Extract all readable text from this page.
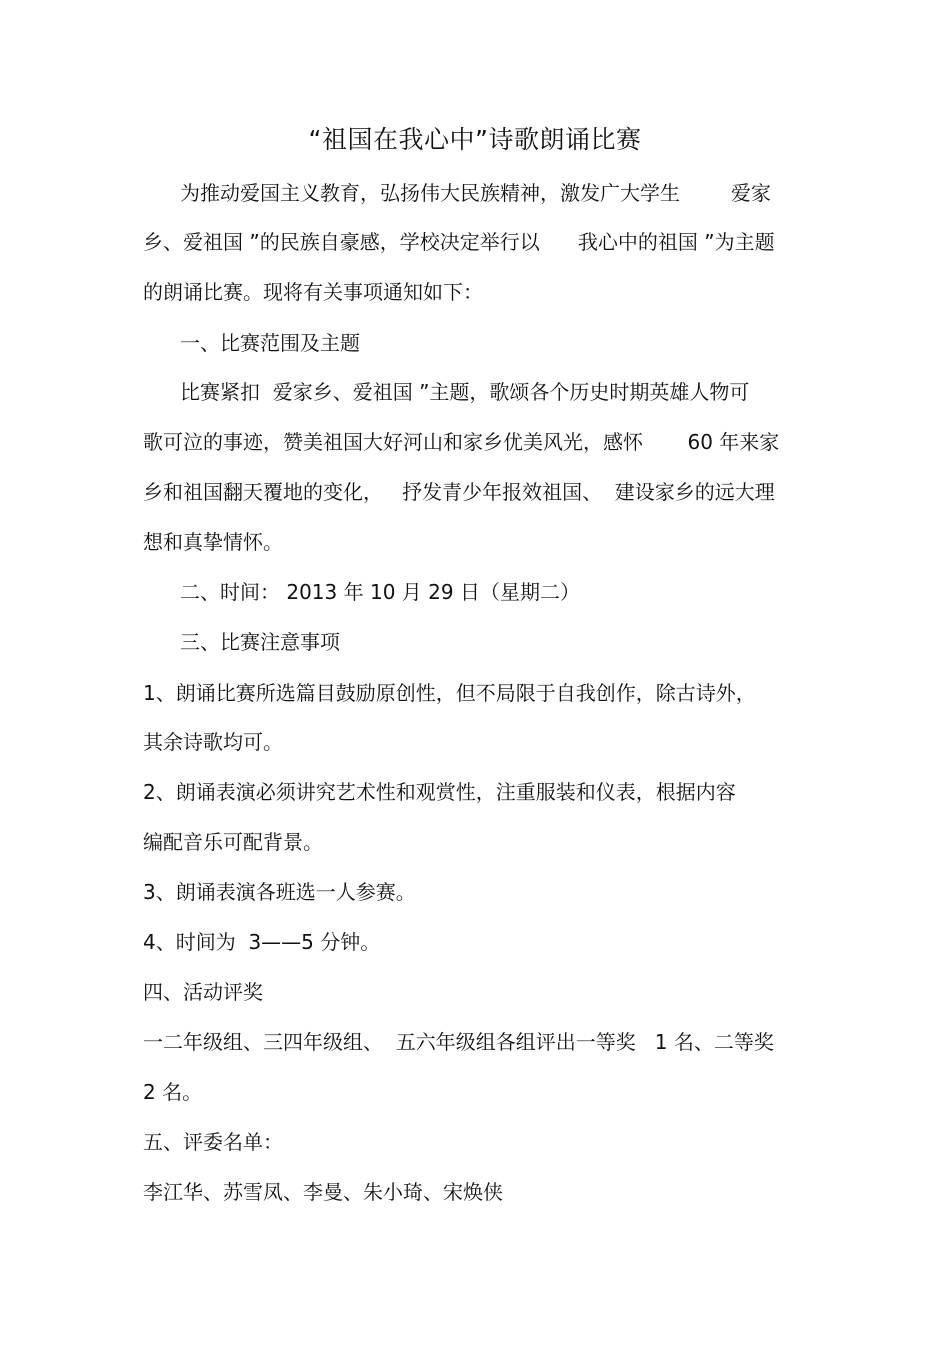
“祖国在我心中”诗歌朗诵比赛
为推动爱国主义教育，弘扬伟大民族精神，激发广大学生        爱家
乡、爱祖国 ”的民族自豪感，学校决定举行以      我心中的祖国 ”为主题
的朗诵比赛。现将有关事项通知如下：
一、比赛范围及主题
比赛紧扣  爱家乡、爱祖国 ”主题，歌颂各个历史时期英雄人物可
歌可泣的事迹，赞美祖国大好河山和家乡优美风光，感怀       60 年来家
乡和祖国翻天覆地的变化，   抒发青少年报效祖国、  建设家乡的远大理
想和真挚情怀。
二、时间： 2013 年 10 月 29 日（星期二）
三、比赛注意事项
1、朗诵比赛所选篇目鼓励原创性，但不局限于自我创作，除古诗外，
其余诗歌均可。
2、朗诵表演必须讲究艺术性和观赏性，注重服装和仪表，根据内容
编配音乐可配背景。
3、朗诵表演各班选一人参赛。
4、时间为  3——5 分钟。
四、活动评奖
一二年级组、三四年级组、  五六年级组各组评出一等奖   1 名、二等奖
2 名。
五、评委名单：
李江华、苏雪凤、李曼、朱小琦、宋焕侠
